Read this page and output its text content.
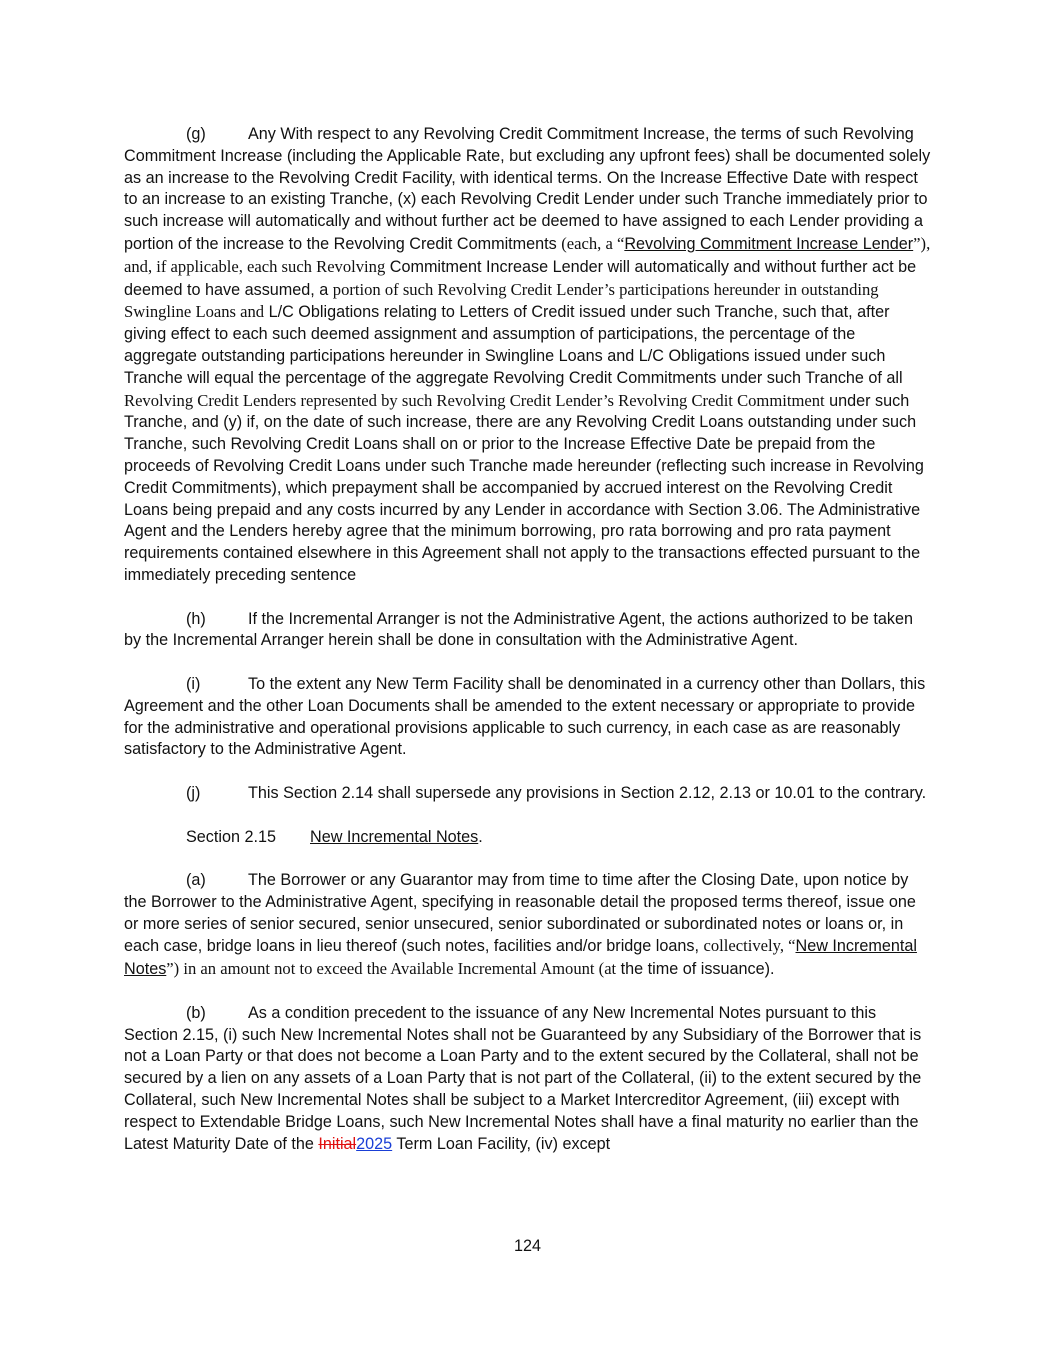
(g)	Any With respect to any Revolving Credit Commitment Increase, the terms of such Revolving Commitment Increase (including the Applicable Rate, but excluding any upfront fees) shall be documented solely as an increase to the Revolving Credit Facility, with identical terms. On the Increase Effective Date with respect to an increase to an existing Tranche, (x) each Revolving Credit Lender under such Tranche immediately prior to such increase will automatically and without further act be deemed to have assigned to each Lender providing a portion of the increase to the Revolving Credit Commitments (each, a “Revolving Commitment Increase Lender”), and, if applicable, each such Revolving Commitment Increase Lender will automatically and without further act be deemed to have assumed, a portion of such Revolving Credit Lender’s participations hereunder in outstanding Swingline Loans and L/C Obligations relating to Letters of Credit issued under such Tranche, such that, after giving effect to each such deemed assignment and assumption of participations, the percentage of the aggregate outstanding participations hereunder in Swingline Loans and L/C Obligations issued under such Tranche will equal the percentage of the aggregate Revolving Credit Commitments under such Tranche of all Revolving Credit Lenders represented by such Revolving Credit Lender’s Revolving Credit Commitment under such Tranche, and (y) if, on the date of such increase, there are any Revolving Credit Loans outstanding under such Tranche, such Revolving Credit Loans shall on or prior to the Increase Effective Date be prepaid from the proceeds of Revolving Credit Loans under such Tranche made hereunder (reflecting such increase in Revolving Credit Commitments), which prepayment shall be accompanied by accrued interest on the Revolving Credit Loans being prepaid and any costs incurred by any Lender in accordance with Section 3.06. The Administrative Agent and the Lenders hereby agree that the minimum borrowing, pro rata borrowing and pro rata payment requirements contained elsewhere in this Agreement shall not apply to the transactions effected pursuant to the immediately preceding sentence

(h)	If the Incremental Arranger is not the Administrative Agent, the actions authorized to be taken by the Incremental Arranger herein shall be done in consultation with the Administrative Agent.

(i)	To the extent any New Term Facility shall be denominated in a currency other than Dollars, this Agreement and the other Loan Documents shall be amended to the extent necessary or appropriate to provide for the administrative and operational provisions applicable to such currency, in each case as are reasonably satisfactory to the Administrative Agent.

(j)	This Section 2.14 shall supersede any provisions in Section 2.12, 2.13 or 10.01 to the contrary.

Section 2.15 New Incremental Notes.

(a)	The Borrower or any Guarantor may from time to time after the Closing Date, upon notice by the Borrower to the Administrative Agent, specifying in reasonable detail the proposed terms thereof, issue one or more series of senior secured, senior unsecured, senior subordinated or subordinated notes or loans or, in each case, bridge loans in lieu thereof (such notes, facilities and/or bridge loans, collectively, “New Incremental Notes”) in an amount not to exceed the Available Incremental Amount (at the time of issuance).

(b)	As a condition precedent to the issuance of any New Incremental Notes pursuant to this Section 2.15, (i) such New Incremental Notes shall not be Guaranteed by any Subsidiary of the Borrower that is not a Loan Party or that does not become a Loan Party and to the extent secured by the Collateral, shall not be secured by a lien on any assets of a Loan Party that is not part of the Collateral, (ii) to the extent secured by the Collateral, such New Incremental Notes shall be subject to a Market Intercreditor Agreement, (iii) except with respect to Extendable Bridge Loans, such New Incremental Notes shall have a final maturity no earlier than the Latest Maturity Date of the Initial2025 Term Loan Facility, (iv) except

124
